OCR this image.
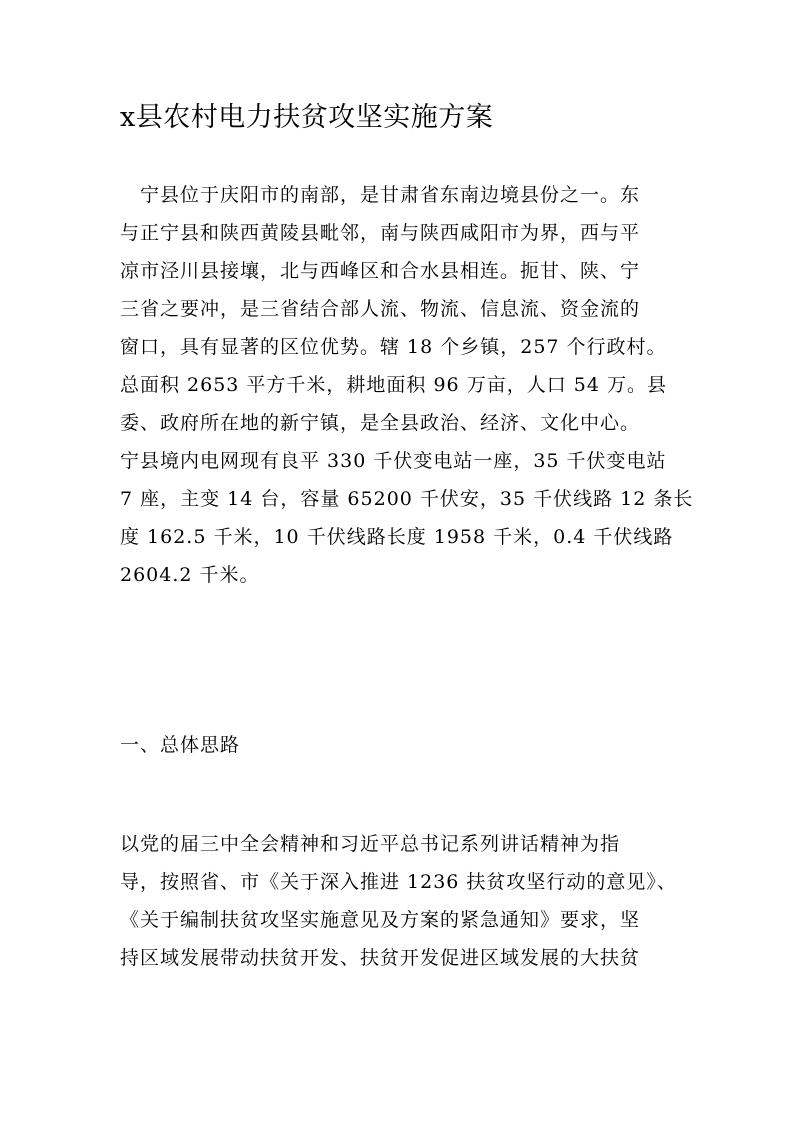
x县农村电力扶贫攻坚实施方案
　宁县位于庆阳市的南部，是甘肃省东南边境县份之一。东
与正宁县和陕西黄陵县毗邻，南与陕西咸阳市为界，西与平
凉市泾川县接壤，北与西峰区和合水县相连。扼甘、陕、宁
三省之要冲，是三省结合部人流、物流、信息流、资金流的
窗口，具有显著的区位优势。辖 18 个乡镇，257 个行政村。
总面积 2653 平方千米，耕地面积 96 万亩，人口 54 万。县
委、政府所在地的新宁镇，是全县政治、经济、文化中心。
宁县境内电网现有良平 330 千伏变电站一座，35 千伏变电站
7 座，主变 14 台，容量 65200 千伏安，35 千伏线路 12 条长
度 162.5 千米，10 千伏线路长度 1958 千米，0.4 千伏线路
2604.2 千米。
一、总体思路
以党的届三中全会精神和习近平总书记系列讲话精神为指
导，按照省、市《关于深入推进 1236 扶贫攻坚行动的意见》、
《关于编制扶贫攻坚实施意见及方案的紧急通知》要求，坚
持区域发展带动扶贫开发、扶贫开发促进区域发展的大扶贫
